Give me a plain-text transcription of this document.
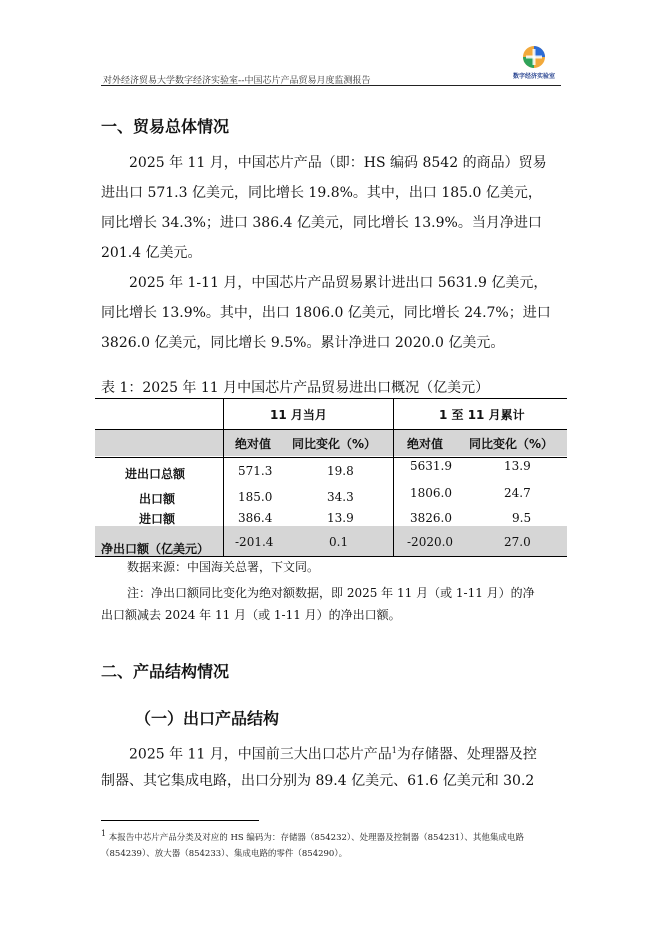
对外经济贸易大学数字经济实验室--中国芯片产品贸易月度监测报告	数字经济实验室
一、贸易总体情况
2025 年 11 月，中国芯片产品（即：HS 编码 8542 的商品）贸易
进出口 571.3 亿美元，同比增长 19.8%。其中，出口 185.0 亿美元，
同比增长 34.3%；进口 386.4 亿美元，同比增长 13.9%。当月净进口
201.4 亿美元。
2025 年 1-11 月，中国芯片产品贸易累计进出口 5631.9 亿美元，
同比增长 13.9%。其中，出口 1806.0 亿美元，同比增长 24.7%；进口
3826.0 亿美元，同比增长 9.5%。累计净进口 2020.0 亿美元。
表 1：2025 年 11 月中国芯片产品贸易进出口概况（亿美元）
11 月当月	1 至 11 月累计
绝对值 同比变化（%）	绝对值 同比变化（%）
进出口总额	571.3	19.8	5631.9	13.9
出口额	185.0	34.3	1806.0	24.7
进口额	386.4	13.9	3826.0	9.5
净出口额（亿美元） -201.4	0.1	-2020.0	27.0
数据来源：中国海关总署，下文同。
注：净出口额同比变化为绝对额数据，即 2025 年 11 月（或 1-11 月）的净
出口额减去 2024 年 11 月（或 1-11 月）的净出口额。
二、产品结构情况
（一）出口产品结构
2025 年 11 月，中国前三大出口芯片产品$^1$为存储器、处理器及控
制器、其它集成电路，出口分别为 89.4 亿美元、61.6 亿美元和 30.2
$^1$ 本报告中芯片产品分类及对应的 HS 编码为：存储器（854232）、处理器及控制器（854231）、其他集成电路（854239）、放大器（854233）、集成电路的零件（854290）。
